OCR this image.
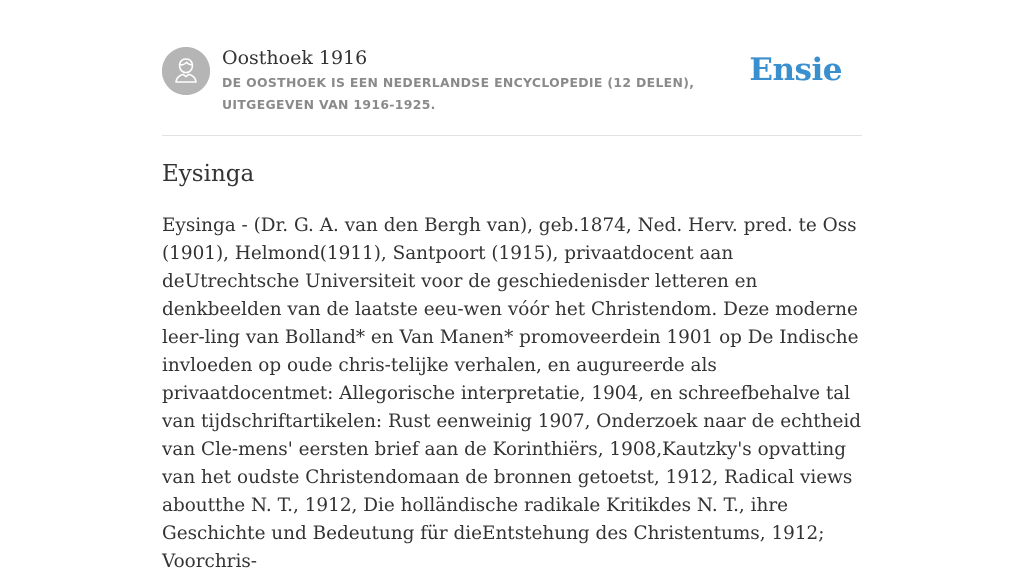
Oosthoek 1916
DE OOSTHOEK IS EEN NEDERLANDSE ENCYCLOPEDIE (12 DELEN), UITGEGEVEN VAN 1916-1925.
Ensie
Eysinga

Eysinga - (Dr. G. A. van den Bergh van), geb.1874, Ned. Herv. pred. te Oss (1901), Helmond(1911), Santpoort (1915), privaatdocent aan deUtrechtsche Universiteit voor de geschiedenisder letteren en denkbeelden van de laatste eeu-wen vóór het Christendom. Deze moderne leer-ling van Bolland* en Van Manen* promoveerdein 1901 op De Indische invloeden op oude chris-telijke verhalen, en augureerde als privaatdocentmet: Allegorische interpretatie, 1904, en schreefbehalve tal van tijdschriftartikelen: Rust eenweinig 1907, Onderzoek naar de echtheid van Cle-mens' eersten brief aan de Korinthiërs, 1908,Kautzky's opvatting van het oudste Christendomaan de bronnen getoetst, 1912, Radical views aboutthe N. T., 1912, Die holländische radikale Kritikdes N. T., ihre Geschichte und Bedeutung für dieEntstehung des Christentums, 1912; Voorchris-
